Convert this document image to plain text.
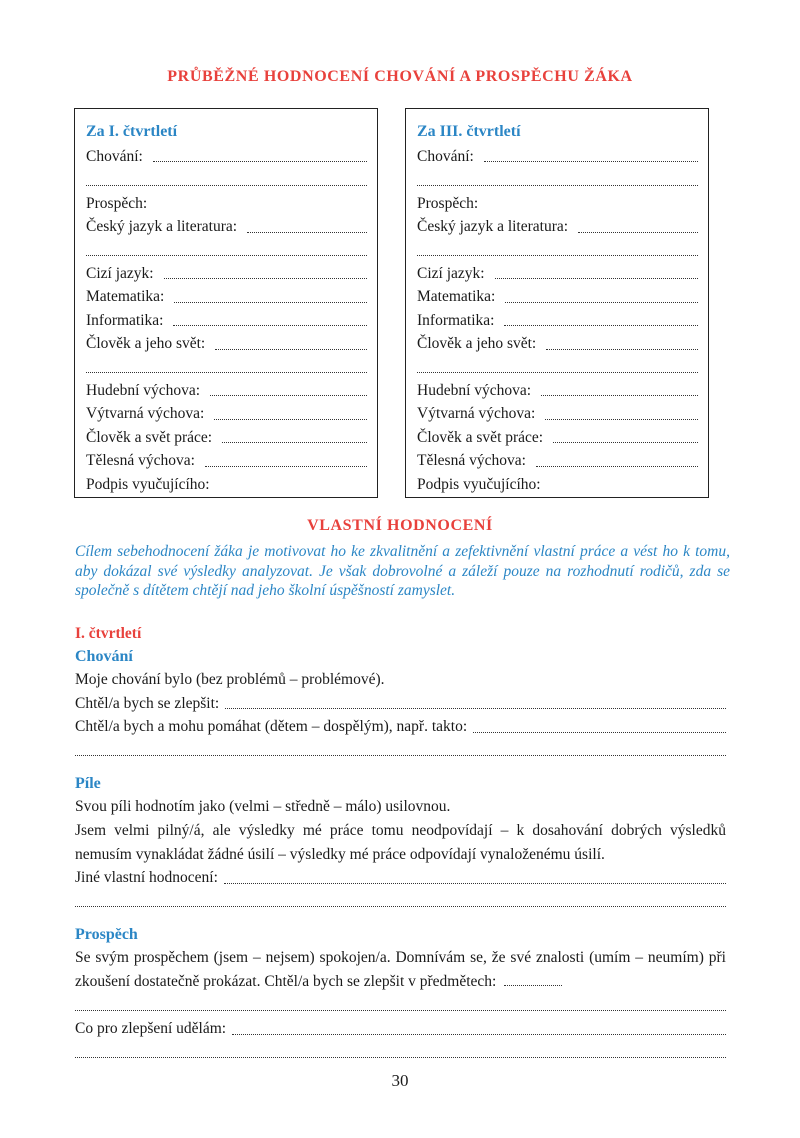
PRŮBĚŽNÉ HODNOCENÍ CHOVÁNÍ A PROSPĚCHU ŽÁKA
Za I. čtvrtletí
Chování:
Prospěch:
Český jazyk a literatura:
Cizí jazyk:
Matematika:
Informatika:
Člověk a jeho svět:
Hudební výchova:
Výtvarná výchova:
Člověk a svět práce:
Tělesná výchova:
Podpis vyučujícího:
Za III. čtvrtletí
Chování:
Prospěch:
Český jazyk a literatura:
Cizí jazyk:
Matematika:
Informatika:
Člověk a jeho svět:
Hudební výchova:
Výtvarná výchova:
Člověk a svět práce:
Tělesná výchova:
Podpis vyučujícího:
VLASTNÍ HODNOCENÍ
Cílem sebehodnocení žáka je motivovat ho ke zkvalitnění a zefektivnění vlastní práce a vést ho k tomu, aby dokázal své výsledky analyzovat. Je však dobrovolné a záleží pouze na rozhodnutí rodičů, zda se společně s dítětem chtějí nad jeho školní úspěšností zamyslet.
I. čtvrtletí
Chování
Moje chování bylo (bez problémů – problémové).
Chtěl/a bych se zlepšit:
Chtěl/a bych a mohu pomáhat (dětem – dospělým), např. takto:
Píle
Svou píli hodnotím jako (velmi – středně – málo) usilovnou.
Jsem velmi pilný/á, ale výsledky mé práce tomu neodpovídají – k dosahování dobrých výsledků nemusím vynakládat žádné úsilí – výsledky mé práce odpovídají vynaloženému úsilí.
Jiné vlastní hodnocení:
Prospěch
Se svým prospěchem (jsem – nejsem) spokojen/a. Domnívám se, že své znalosti (umím – neumím) při zkoušení dostatečně prokázat. Chtěl/a bych se zlepšit v předmětech:
Co pro zlepšení udělám:
30
